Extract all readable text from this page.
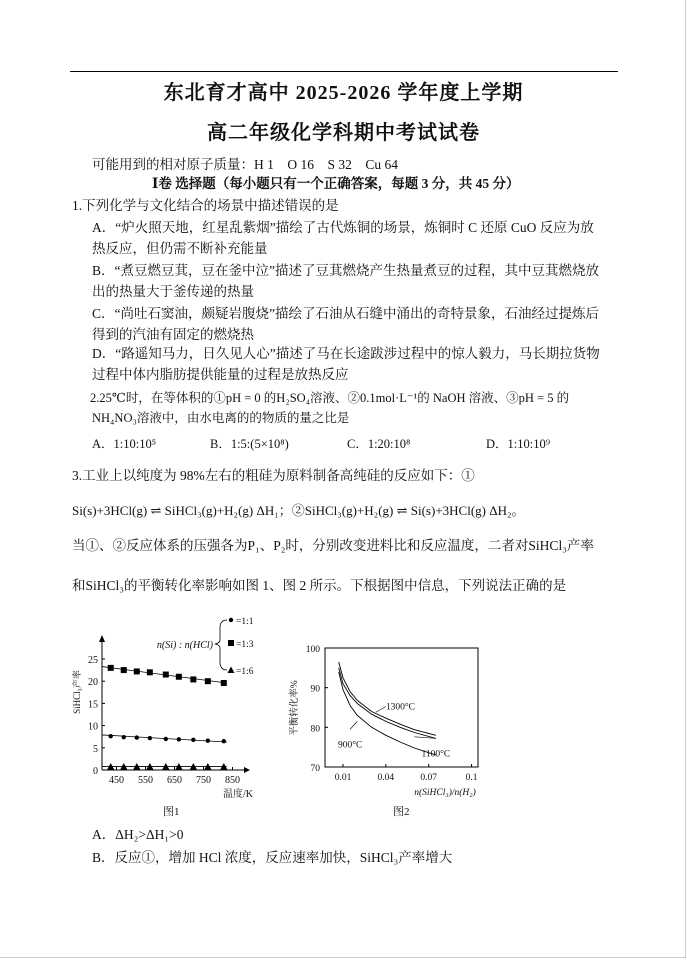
东北育才高中 2025-2026 学年度上学期
高二年级化学科期中考试试卷
可能用到的相对原子质量：H 1　O 16　S 32　Cu 64
Ⅰ卷 选择题（每小题只有一个正确答案，每题 3 分，共 45 分）
1.下列化学与文化结合的场景中描述错误的是
A．“炉火照天地，红星乱紫烟”描绘了古代炼铜的场景，炼铜时 C 还原 CuO 反应为放
热反应，但仍需不断补充能量
B．“煮豆燃豆萁，豆在釜中泣”描述了豆萁燃烧产生热量煮豆的过程，其中豆萁燃烧放
出的热量大于釜传递的热量
C．“尚吐石窦油，颇疑岩腹烧”描绘了石油从石缝中涌出的奇特景象，石油经过提炼后
得到的汽油有固定的燃烧热
D．“路遥知马力，日久见人心”描述了马在长途跋涉过程中的惊人毅力，马长期拉货物
过程中体内脂肪提供能量的过程是放热反应
2.25℃时，在等体积的①pH = 0 的H₂SO₄溶液、②0.1mol·L⁻¹的 NaOH 溶液、③pH = 5 的
NH₄NO₃溶液中，由水电离的的物质的量之比是
A．1:10:10⁵	B．1:5:(5×10⁸)	C．1:20:10⁸	D．1:10:10⁹
3.工业上以纯度为 98%左右的粗硅为原料制备高纯硅的反应如下：①
Si(s)+3HCl(g) ⇌ SiHCl₃(g)+H₂(g) ΔH₁；②SiHCl₃(g)+H₂(g) ⇌ Si(s)+3HCl(g) ΔH₂。
当①、②反应体系的压强各为P₁、P₂时，分别改变进料比和反应温度，二者对SiHCl₃产率
和SiHCl₃的平衡转化率影响如图 1、图 2 所示。下根据图中信息，下列说法正确的是
450 550 650 750 850
0
5
10
15
20
25
温度/K
SiHCl₃产率
=1:1
=1:3
=1:6
n(Si) : n(HCl)
图1
0.01	0.04	0.07	0.1
70
80
90
100
n(SiHCl₃)/n(H₂)
平衡转化率%	1300°C
1100°C
900°C
图2
A．ΔH₂>ΔH₁>0
B．反应①，增加 HCl 浓度，反应速率加快，SiHCl₃产率增大
